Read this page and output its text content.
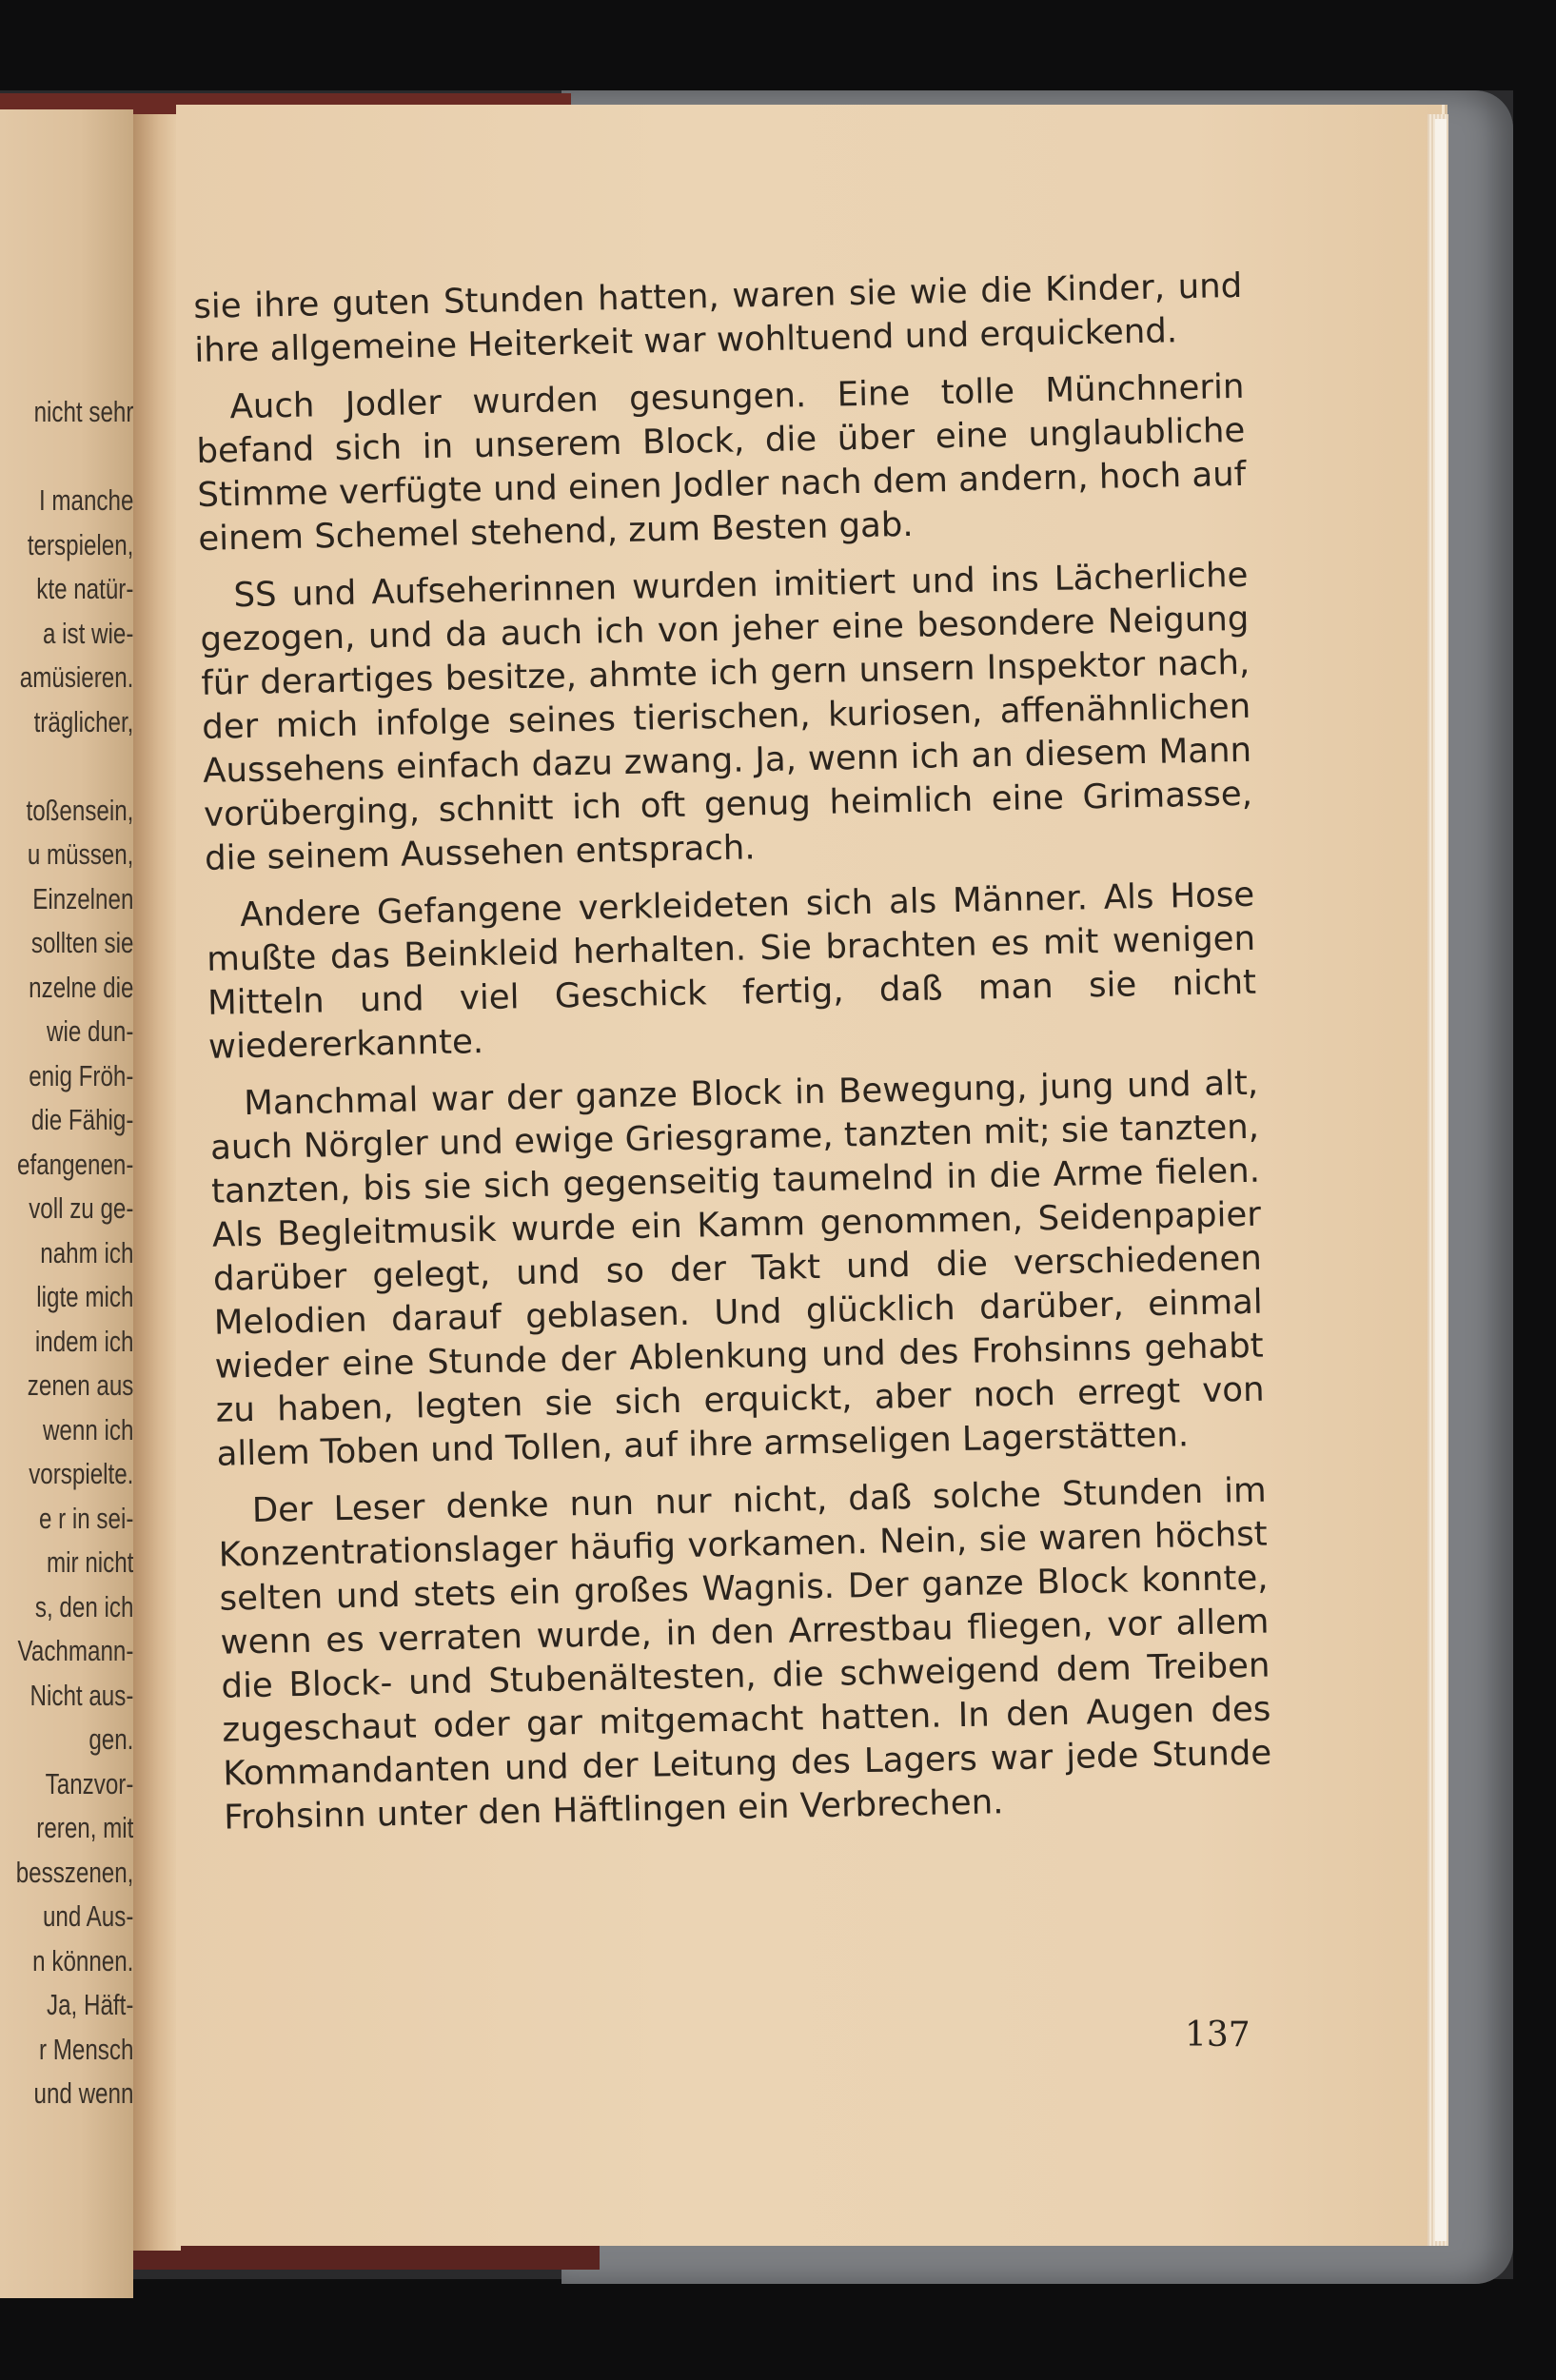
nicht sehr
I manche
terspielen,
kte natür-
a ist wie-
amüsieren.
träglicher,
toßensein,
u müssen,
Einzelnen
sollten sie
nzelne die
wie dun-
enig Fröh-
die Fähig-
efangenen-
voll zu ge-
nahm ich
ligte mich
indem ich
zenen aus
wenn ich
vorspielte.
e r in sei-
mir nicht
s, den ich
Vachmann-
Nicht aus-
gen.
Tanzvor-
reren, mit
besszenen,
und Aus-
n können.
Ja, Häft-
r Mensch
und wenn

sie ihre guten Stunden hatten, waren sie wie die Kinder, und ihre allgemeine Heiterkeit war wohltuend und erquickend.

Auch Jodler wurden gesungen. Eine tolle Münchnerin befand sich in unserem Block, die über eine unglaubliche Stimme verfügte und einen Jodler nach dem andern, hoch auf einem Schemel stehend, zum Besten gab.

SS und Aufseherinnen wurden imitiert und ins Lächerliche gezogen, und da auch ich von jeher eine besondere Neigung für derartiges besitze, ahmte ich gern unsern Inspektor nach, der mich infolge seines tierischen, kuriosen, affenähnlichen Aussehens einfach dazu zwang. Ja, wenn ich an diesem Mann vorüberging, schnitt ich oft genug heimlich eine Grimasse, die seinem Aussehen entsprach.

Andere Gefangene verkleideten sich als Männer. Als Hose mußte das Beinkleid herhalten. Sie brachten es mit wenigen Mitteln und viel Geschick fertig, daß man sie nicht wiedererkannte.

Manchmal war der ganze Block in Bewegung, jung und alt, auch Nörgler und ewige Griesgrame, tanzten mit; sie tanzten, tanzten, bis sie sich gegenseitig taumelnd in die Arme fielen. Als Begleitmusik wurde ein Kamm genommen, Seidenpapier darüber gelegt, und so der Takt und die verschiedenen Melodien darauf geblasen. Und glücklich darüber, einmal wieder eine Stunde der Ablenkung und des Frohsinns gehabt zu haben, legten sie sich erquickt, aber noch erregt von allem Toben und Tollen, auf ihre armseligen Lagerstätten.

Der Leser denke nun nur nicht, daß solche Stunden im Konzentrationslager häufig vorkamen. Nein, sie waren höchst selten und stets ein großes Wagnis. Der ganze Block konnte, wenn es verraten wurde, in den Arrestbau fliegen, vor allem die Block- und Stubenältesten, die schweigend dem Treiben zugeschaut oder gar mitgemacht hatten. In den Augen des Kommandanten und der Leitung des Lagers war jede Stunde Frohsinn unter den Häftlingen ein Verbrechen.

137
